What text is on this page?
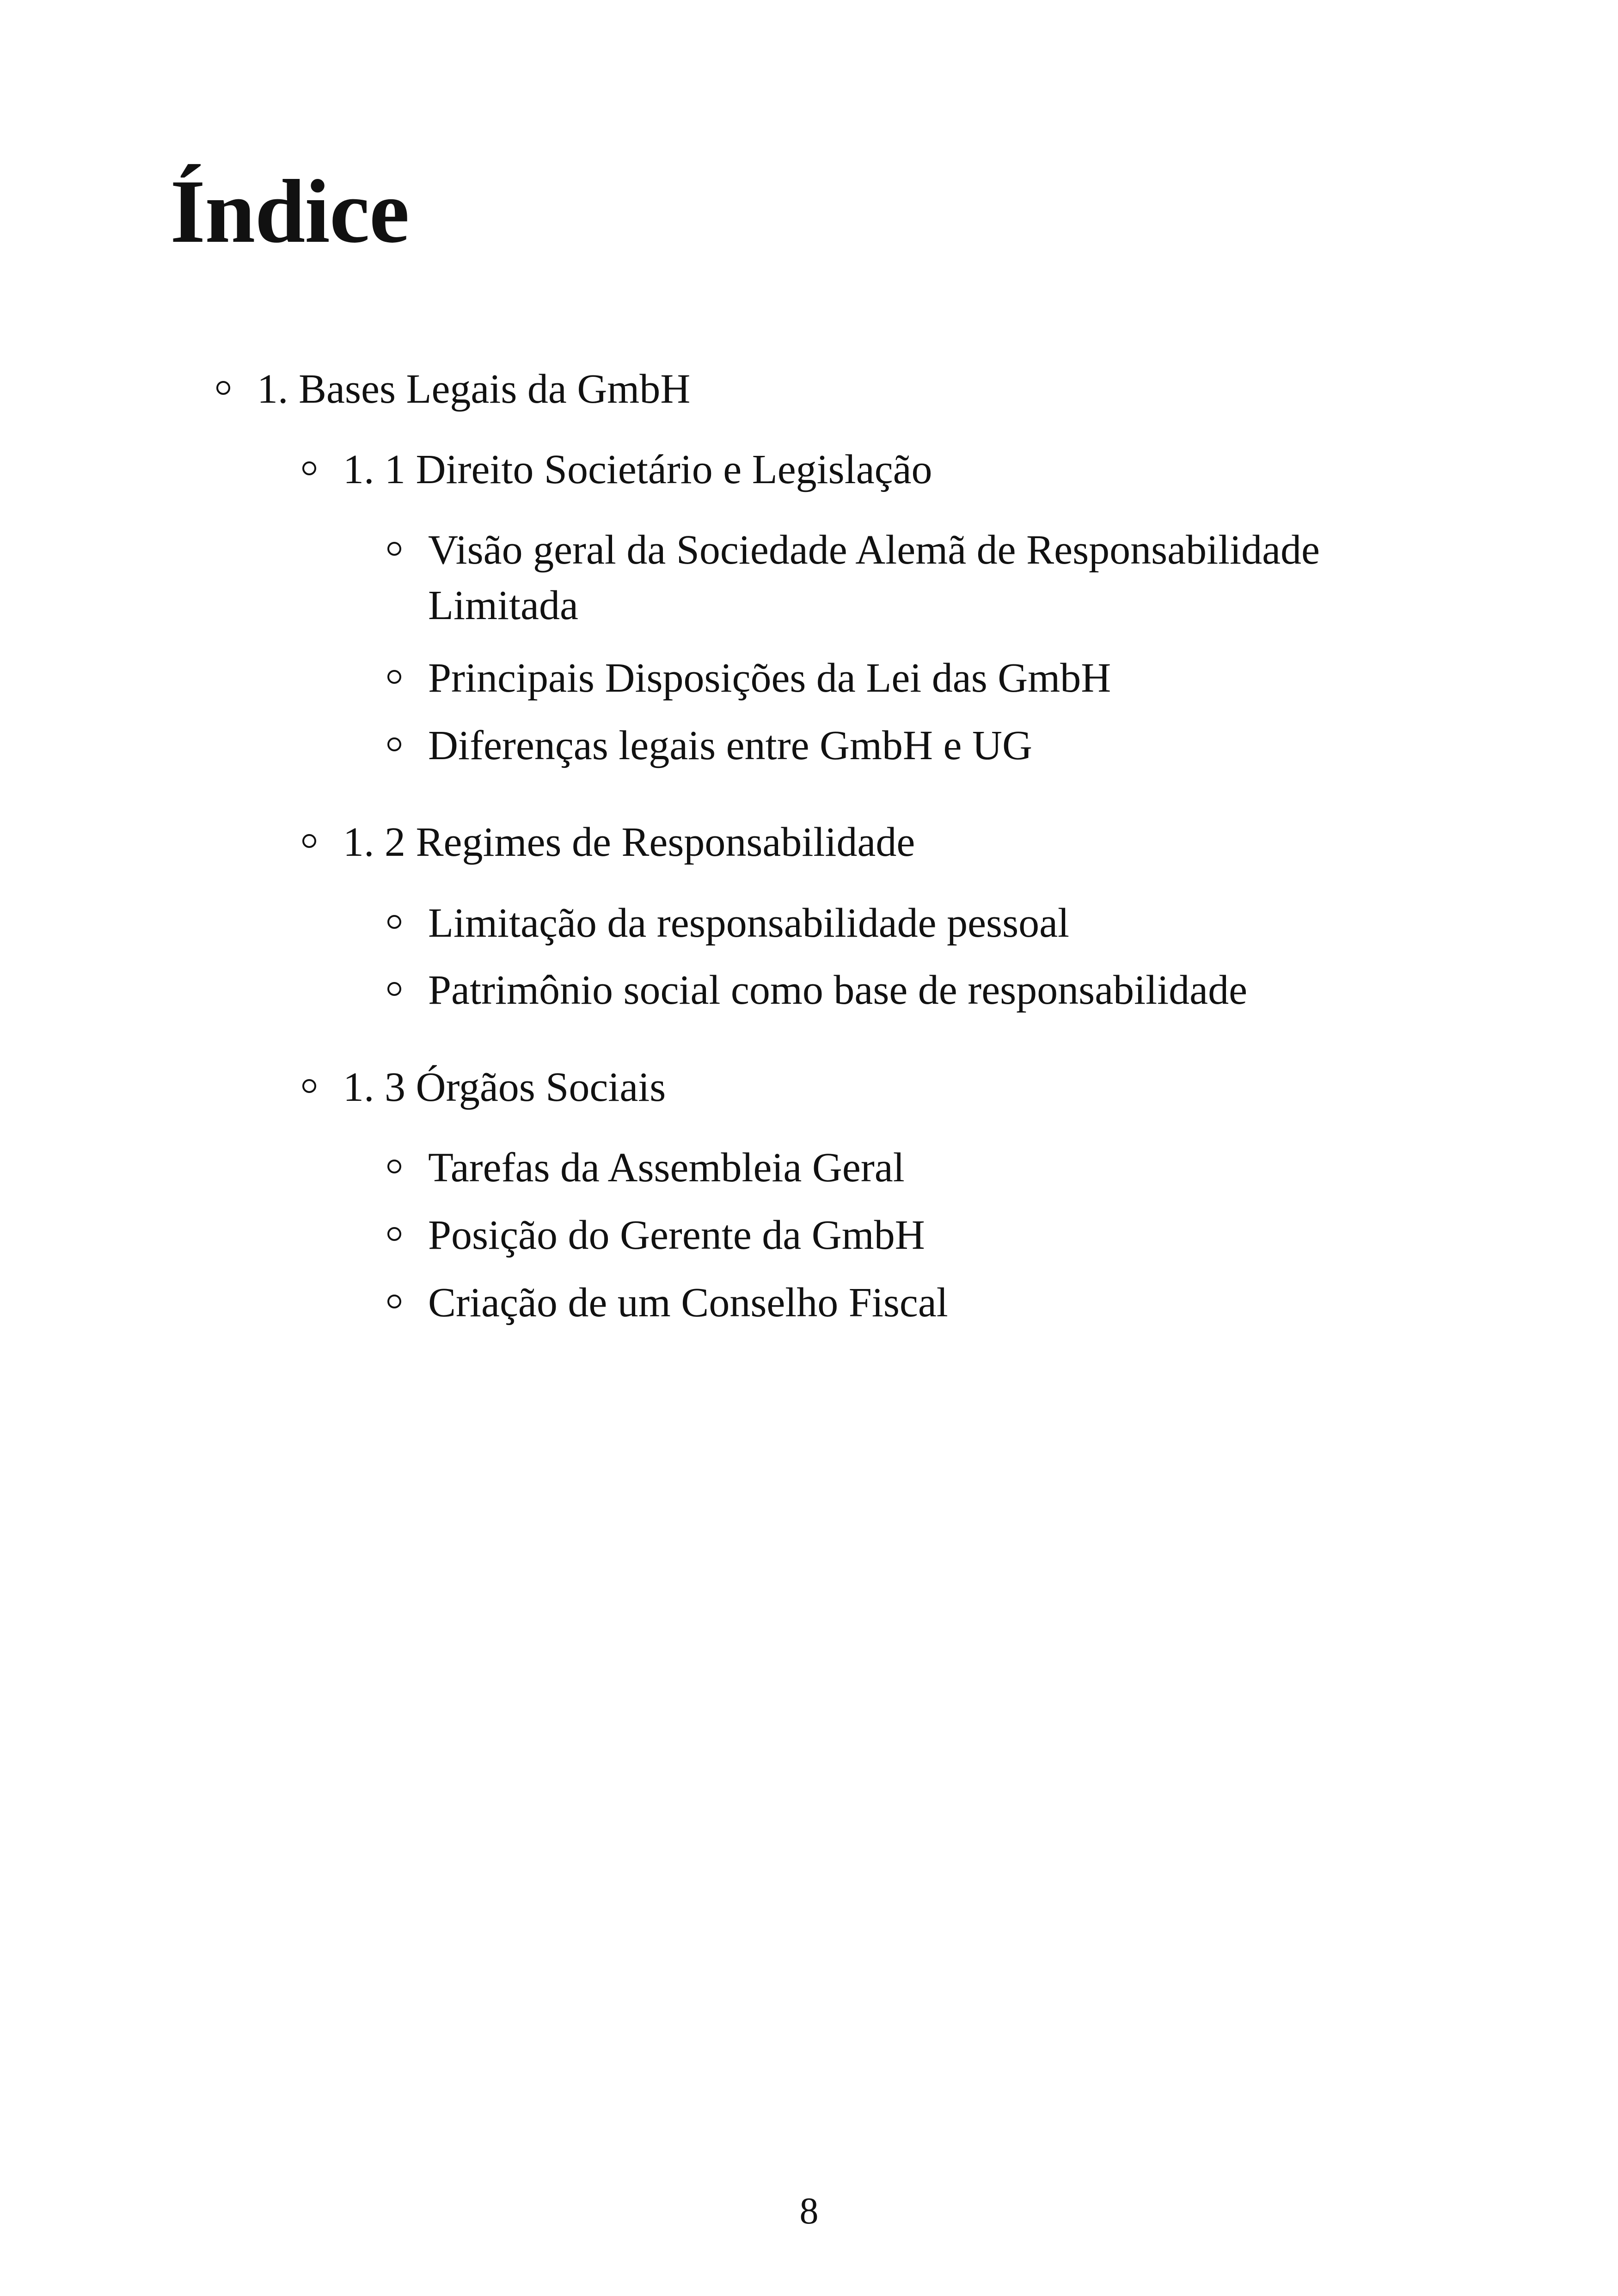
Índice
1. Bases Legais da GmbH
1. 1 Direito Societário e Legislação
Visão geral da Sociedade Alemã de Responsabilidade Limitada
Principais Disposições da Lei das GmbH
Diferenças legais entre GmbH e UG
1. 2 Regimes de Responsabilidade
Limitação da responsabilidade pessoal
Patrimônio social como base de responsabilidade
1. 3 Órgãos Sociais
Tarefas da Assembleia Geral
Posição do Gerente da GmbH
Criação de um Conselho Fiscal
8
